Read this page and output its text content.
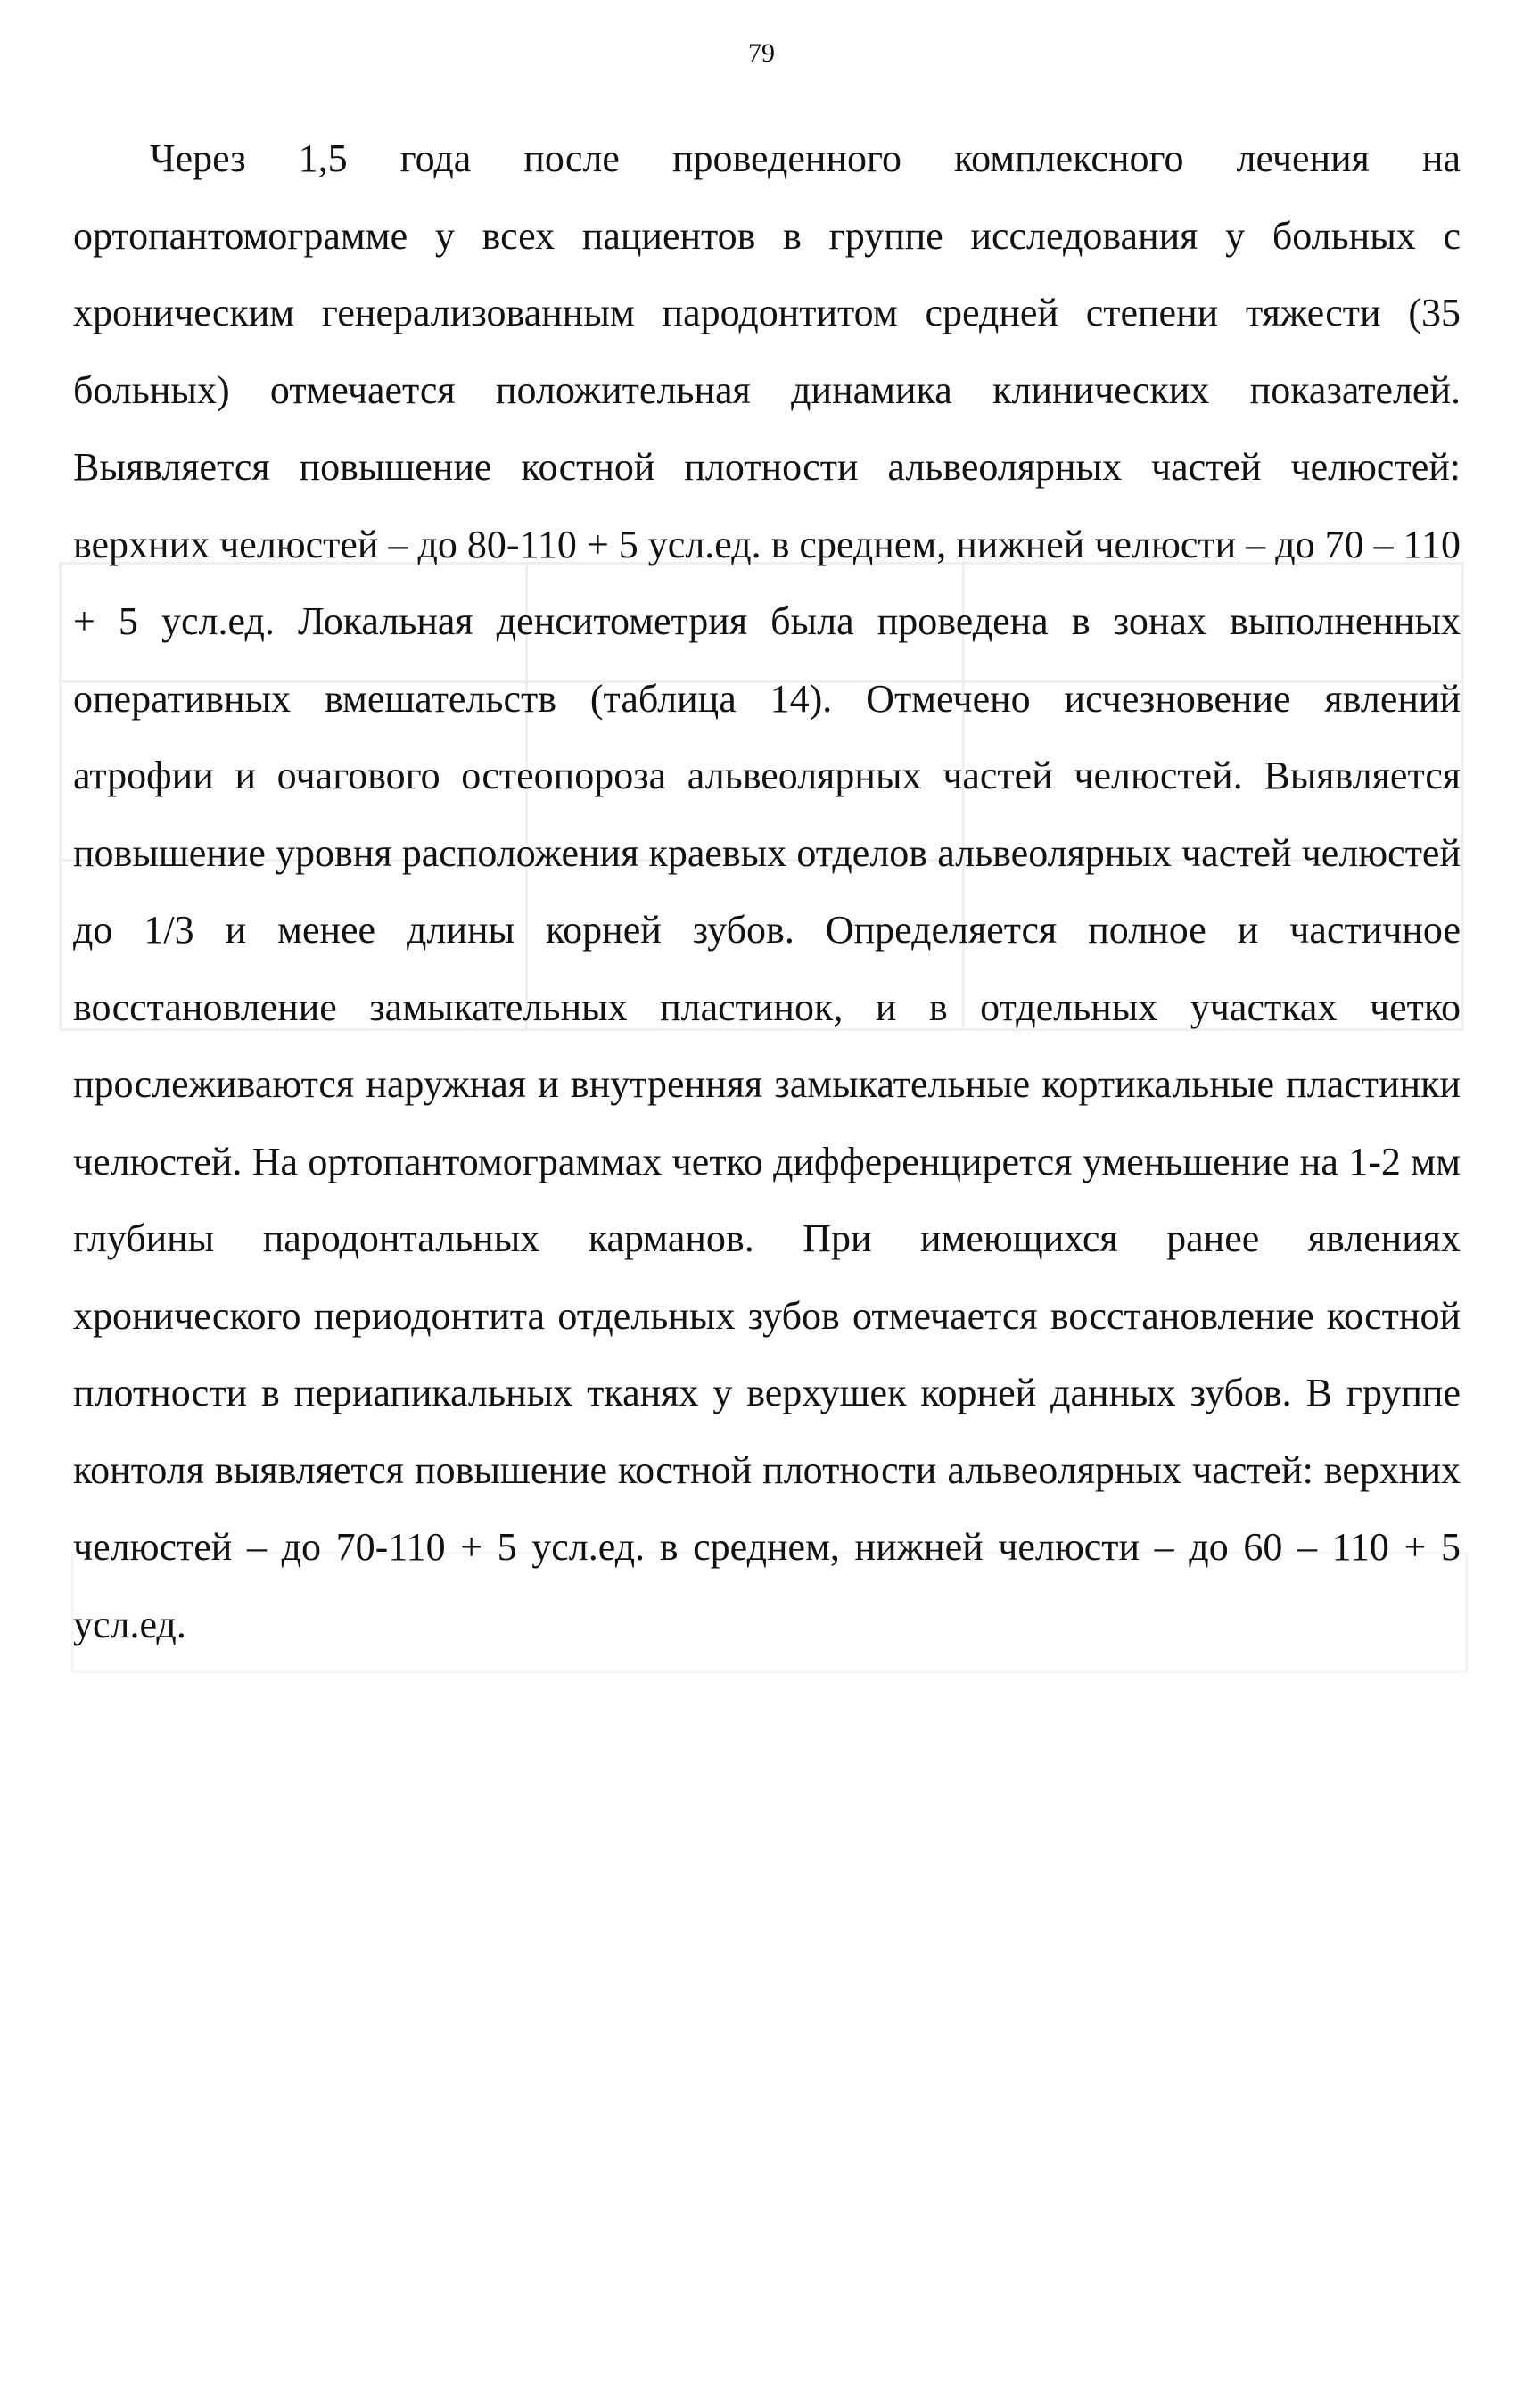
79

Через 1,5 года после проведенного комплексного лечения на ортопантомограмме у всех пациентов в группе исследования у больных с хроническим генерализованным пародонтитом средней степени тяжести (35 больных) отмечается положительная динамика клинических показателей. Выявляется повышение костной плотности альвеолярных частей челюстей: верхних челюстей – до 80-110 + 5 усл.ед. в среднем, нижней челюсти – до 70 – 110 + 5 усл.ед. Локальная денситометрия была проведена в зонах выполненных оперативных вмешательств (таблица 14). Отмечено исчезновение явлений атрофии и очагового остеопороза альвеолярных частей челюстей. Выявляется повышение уровня расположения краевых отделов альвеолярных частей челюстей до 1/3 и менее длины корней зубов. Определяется полное и частичное восстановление замыкательных пластинок, и в отдельных участках четко прослеживаются наружная и внутренняя замыкательные кортикальные пластинки челюстей. На ортопантомограммах четко дифференцирется уменьшение на 1-2 мм глубины пародонтальных карманов. При имеющихся ранее явлениях хронического периодонтита отдельных зубов отмечается восстановление костной плотности в периапикальных тканях у верхушек корней данных зубов. В группе контоля выявляется повышение костной плотности альвеолярных частей: верхних челюстей – до 70-110 + 5 усл.ед. в среднем, нижней челюсти – до 60 – 110 + 5 усл.ед.
